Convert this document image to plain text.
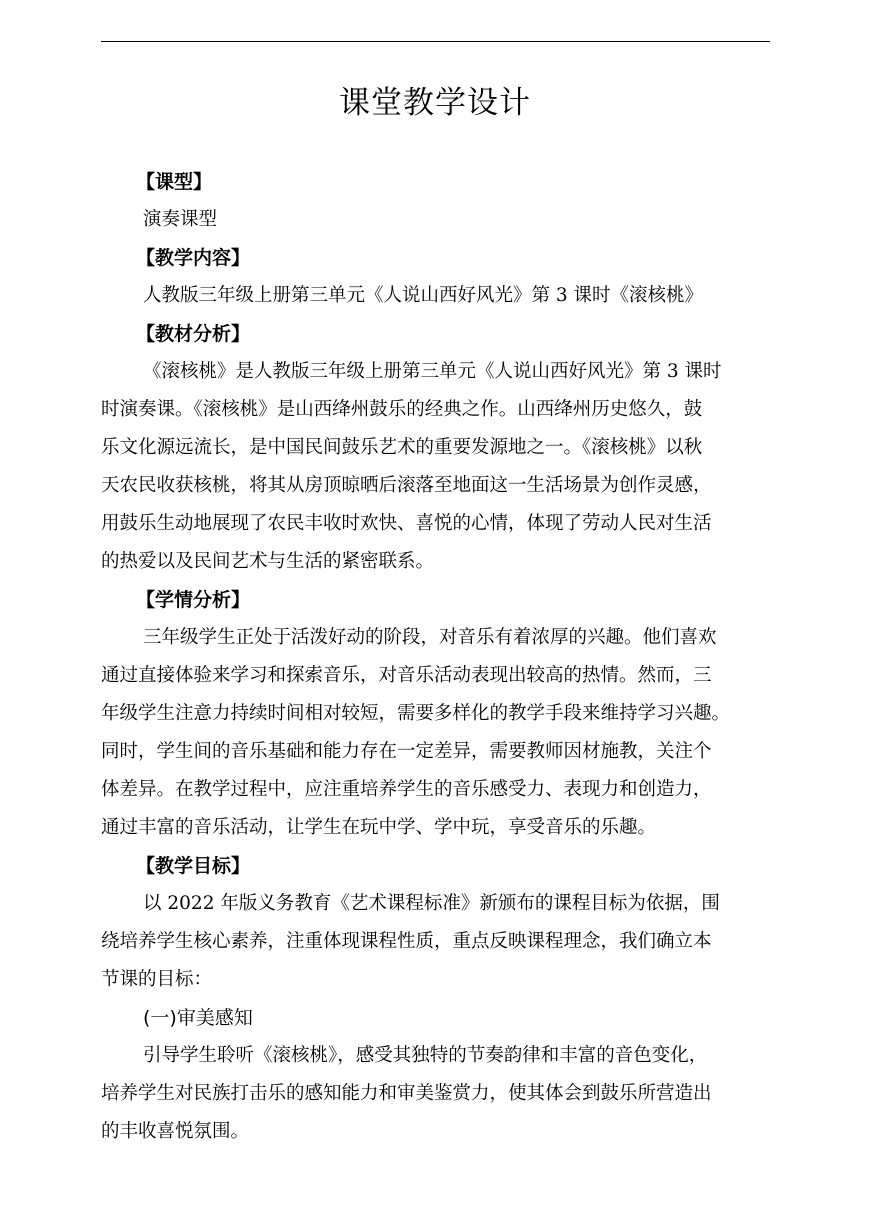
课堂教学设计
【课型】
演奏课型
【教学内容】
人教版三年级上册第三单元《人说山西好风光》第 3 课时《滚核桃》
【教材分析】
《滚核桃》是人教版三年级上册第三单元《人说山西好风光》第 3 课时
时演奏课。《滚核桃》是山西绛州鼓乐的经典之作。山西绛州历史悠久，鼓
乐文化源远流长，是中国民间鼓乐艺术的重要发源地之一。《滚核桃》以秋
天农民收获核桃，将其从房顶晾晒后滚落至地面这一生活场景为创作灵感，
用鼓乐生动地展现了农民丰收时欢快、喜悦的心情，体现了劳动人民对生活
的热爱以及民间艺术与生活的紧密联系。
【学情分析】
三年级学生正处于活泼好动的阶段，对音乐有着浓厚的兴趣。他们喜欢
通过直接体验来学习和探索音乐，对音乐活动表现出较高的热情。然而，三
年级学生注意力持续时间相对较短，需要多样化的教学手段来维持学习兴趣。
同时，学生间的音乐基础和能力存在一定差异，需要教师因材施教，关注个
体差异。在教学过程中，应注重培养学生的音乐感受力、表现力和创造力，
通过丰富的音乐活动，让学生在玩中学、学中玩，享受音乐的乐趣。
【教学目标】
以 2022 年版义务教育《艺术课程标准》新颁布的课程目标为依据，围
绕培养学生核心素养，注重体现课程性质，重点反映课程理念，我们确立本
节课的目标：
(一)审美感知
引导学生聆听《滚核桃》，感受其独特的节奏韵律和丰富的音色变化，
培养学生对民族打击乐的感知能力和审美鉴赏力，使其体会到鼓乐所营造出
的丰收喜悦氛围。
